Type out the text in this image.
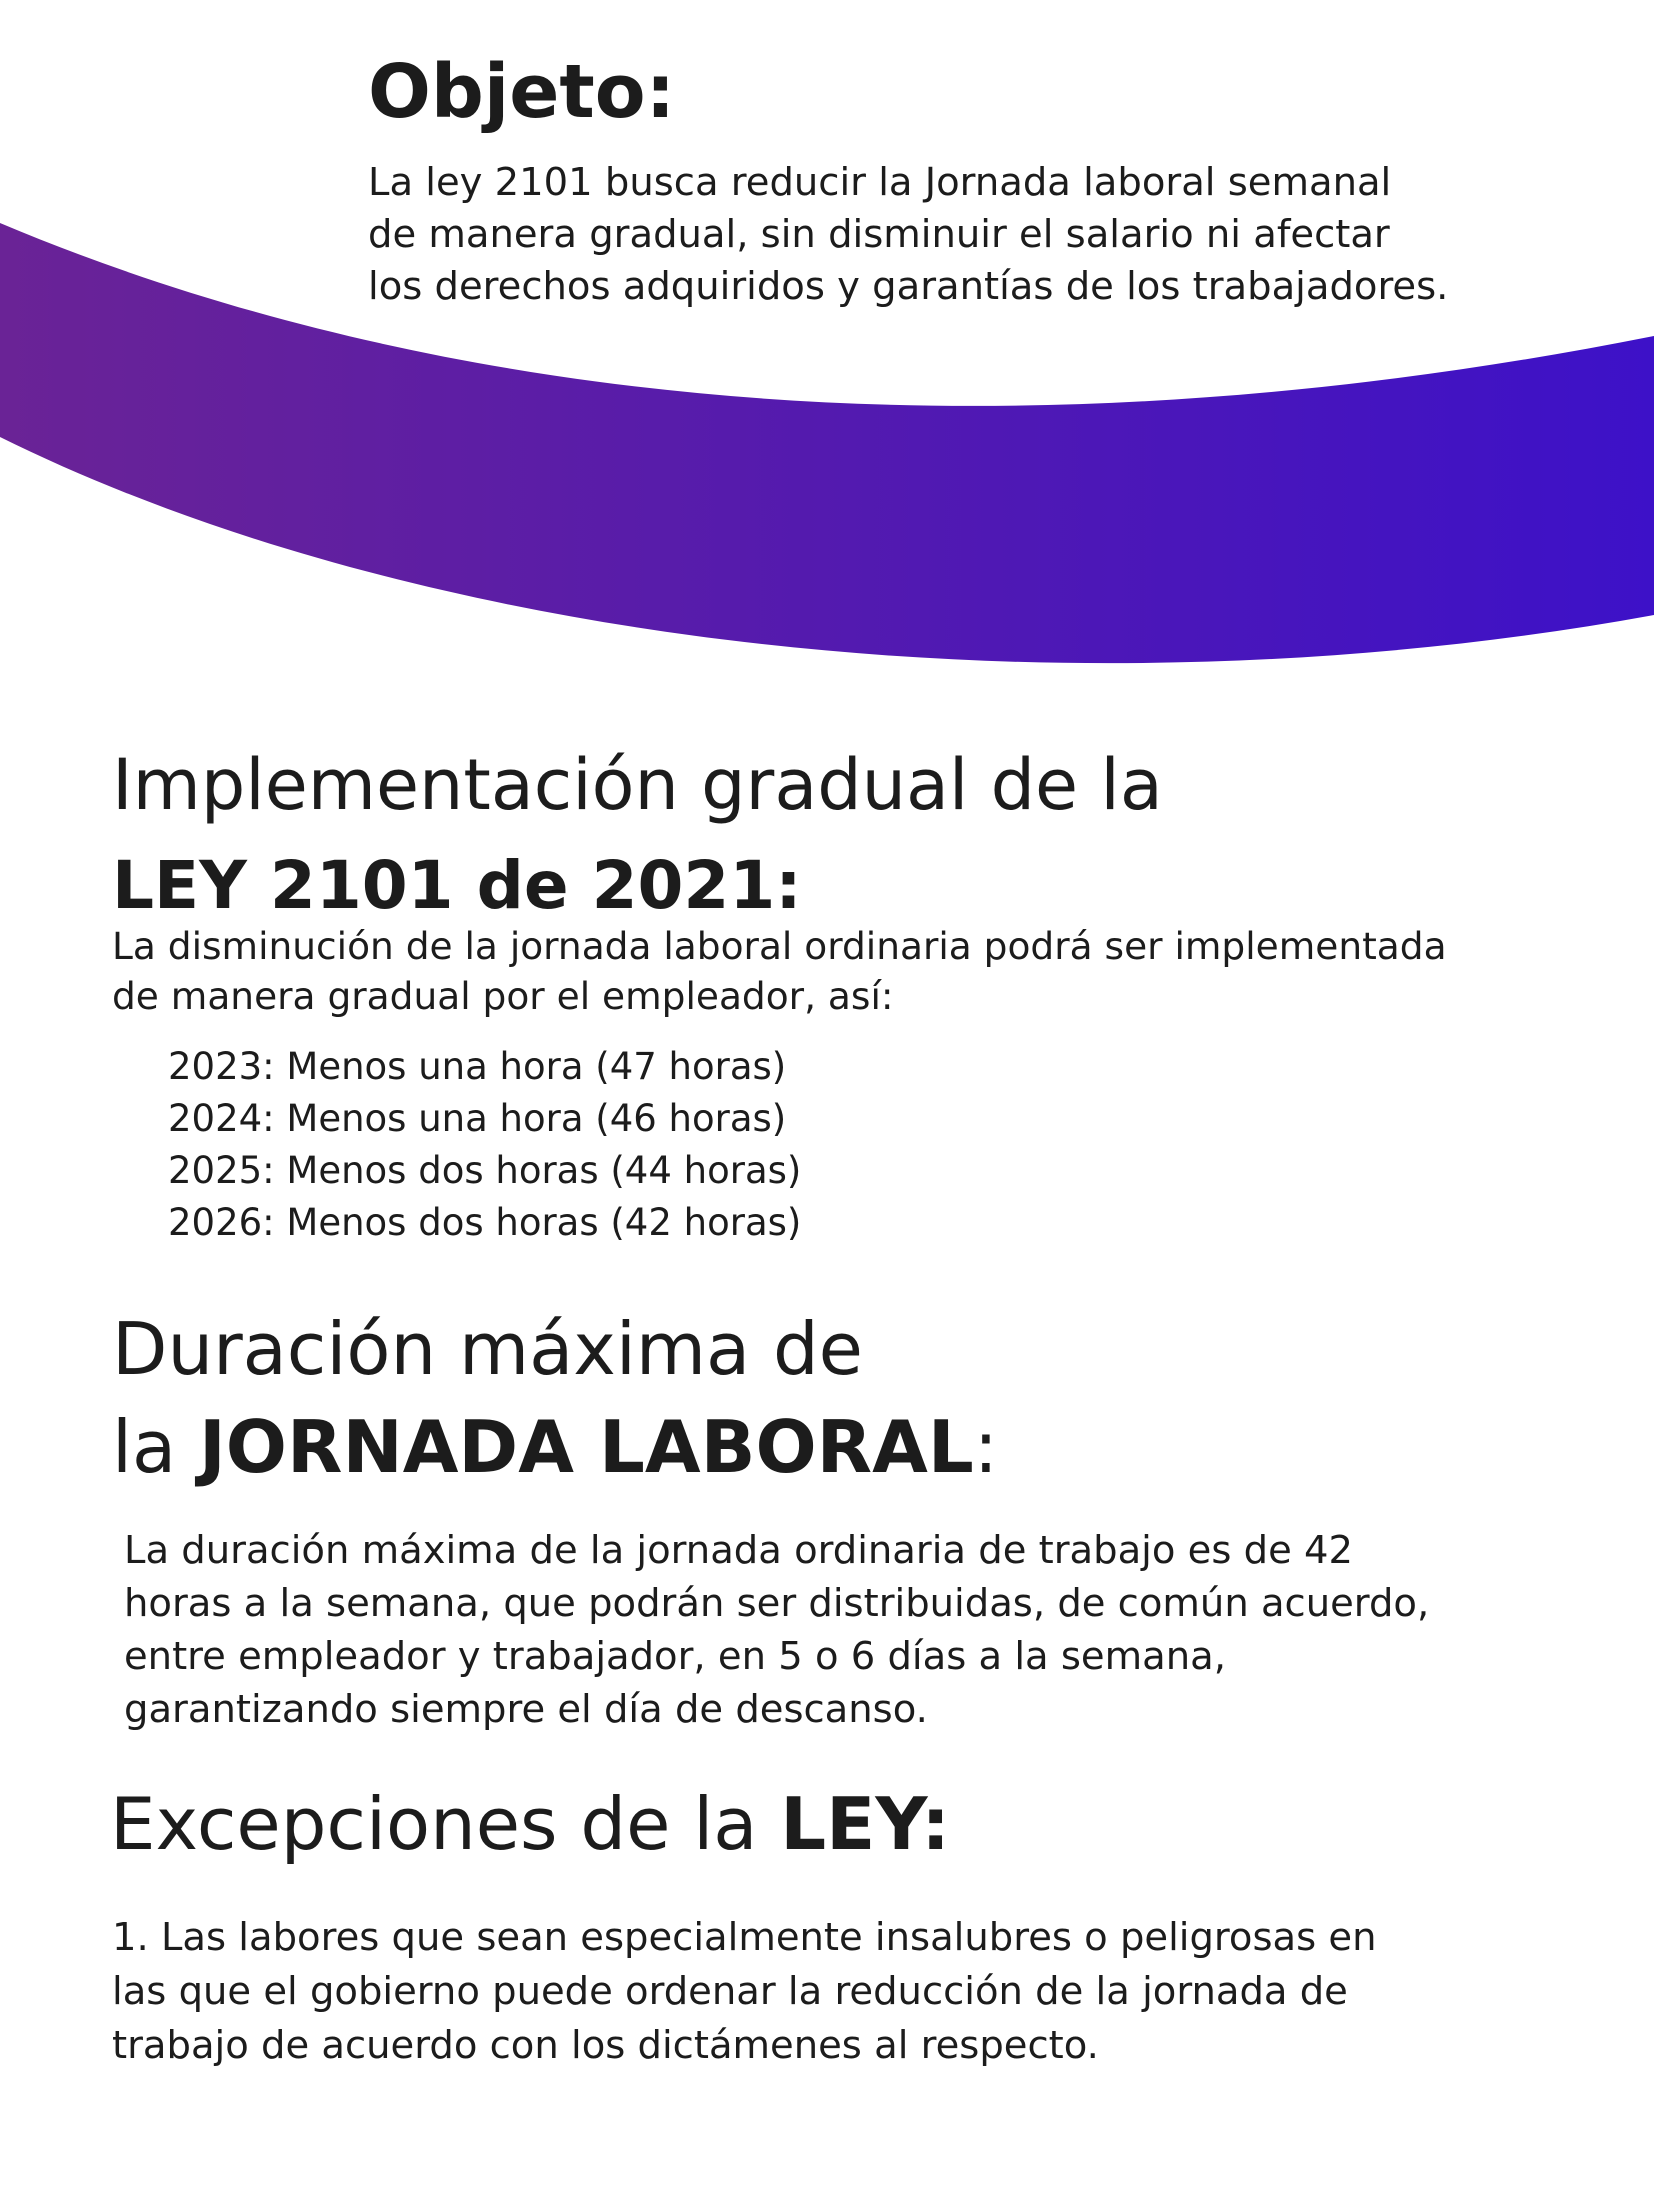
Objeto:

La ley 2101 busca reducir la Jornada laboral semanal
de manera gradual, sin disminuir el salario ni afectar
los derechos adquiridos y garantías de los trabajadores.

Implementación gradual de la
LEY 2101 de 2021:

La disminución de la jornada laboral ordinaria podrá ser implementada
de manera gradual por el empleador, así:

2023: Menos una hora (47 horas)
2024: Menos una hora (46 horas)
2025: Menos dos horas (44 horas)
2026: Menos dos horas (42 horas)
Duración máxima de
la JORNADA LABORAL:

La duración máxima de la jornada ordinaria de trabajo es de 42
horas a la semana, que podrán ser distribuidas, de común acuerdo,
entre empleador y trabajador, en 5 o 6 días a la semana,
garantizando siempre el día de descanso.

Excepciones de la LEY:

1. Las labores que sean especialmente insalubres o peligrosas en
las que el gobierno puede ordenar la reducción de la jornada de
trabajo de acuerdo con los dictámenes al respecto.
